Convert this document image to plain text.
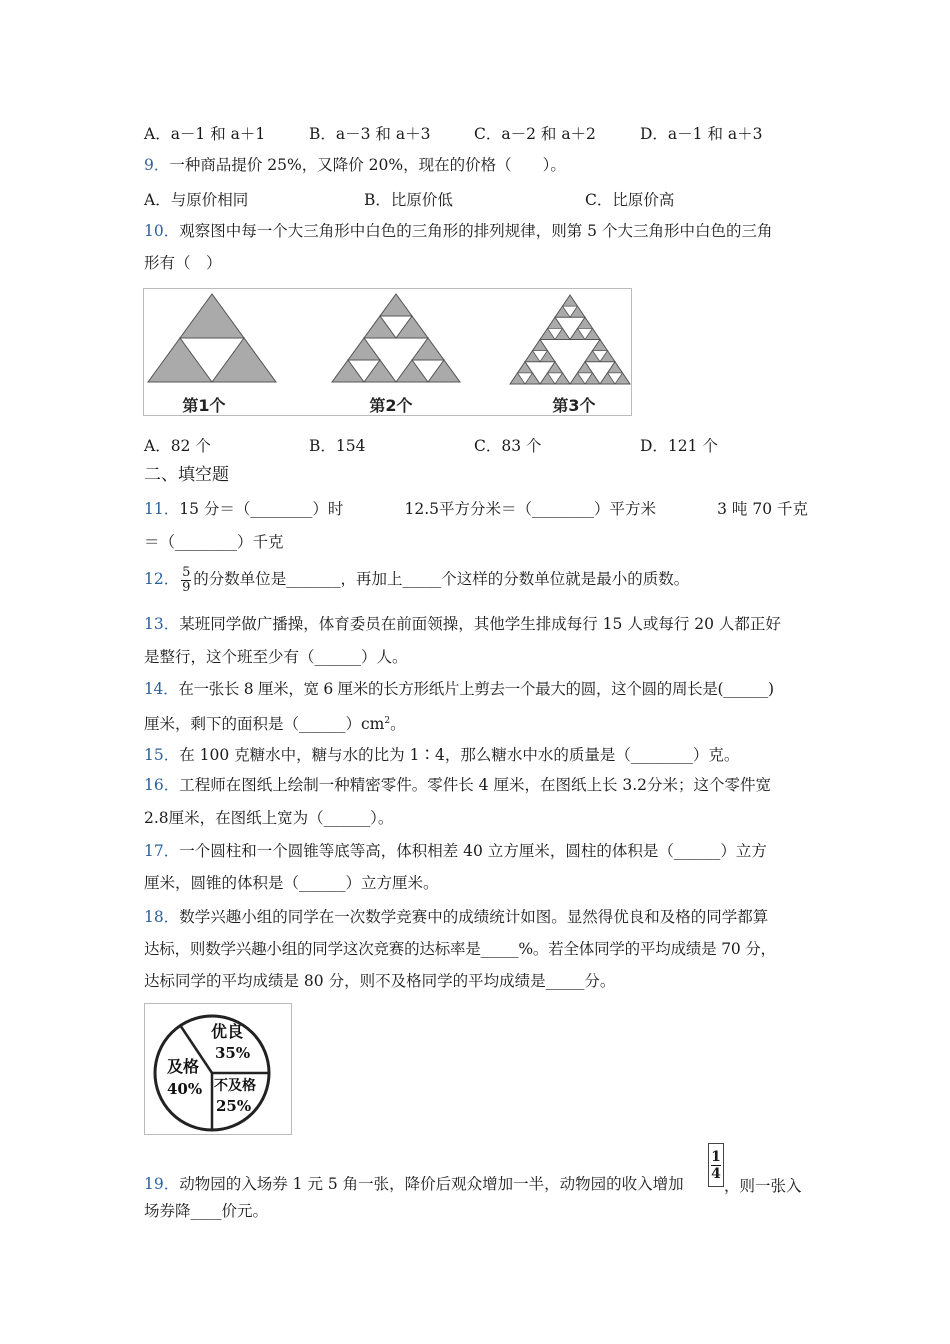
A．a－1 和 a＋1	B．a－3 和 a＋3	C．a－2 和 a＋2	D．a－1 和 a＋3
9．一种商品提价 25%，又降价 20%，现在的价格（　　）。
A．与原价相同	B．比原价低	C．比原价高
10．观察图中每一个大三角形中白色的三角形的排列规律，则第 5 个大三角形中白色的三角
形有（　）
第1个	第2个	第3个
A．82 个	B．154	C．83 个	D．121 个
二、填空题
11．15 分＝（________）时	12.5平方分米＝（________）平方米	3 吨 70 千克
＝（________）千克
12． $\frac{5}{9}$ 的分数单位是_______，再加上_____个这样的分数单位就是最小的质数。
13．某班同学做广播操，体育委员在前面领操，其他学生排成每行 15 人或每行 20 人都正好
是整行，这个班至少有（______）人。
14．在一张长 8 厘米，宽 6 厘米的长方形纸片上剪去一个最大的圆，这个圆的周长是(______)
厘米，剩下的面积是$(\_\_\_\_\_\_)cm^2$。
15．在 100 克糖水中，糖与水的比为 1∶4，那么糖水中水的质量是（________）克。
16．工程师在图纸上绘制一种精密零件。零件长 4 厘米，在图纸上长 3.2分米；这个零件宽
2.8厘米，在图纸上宽为（______）。
17．一个圆柱和一个圆锥等底等高，体积相差 40 立方厘米，圆柱的体积是（______）立方
厘米，圆锥的体积是（______）立方厘米。
18．数学兴趣小组的同学在一次数学竞赛中的成绩统计如图。显然得优良和及格的同学都算
达标，则数学兴趣小组的同学这次竞赛的达标率是_____%。若全体同学的平均成绩是 70 分，
达标同学的平均成绩是 80 分，则不及格同学的平均成绩是_____分。
优良
35%
及格
40% 不及格
25%
19．动物园的入场券 1 元 5 角一张，降价后观众增加一半，动物园的收入增加
1
4
，则一张入
场券降____价元。
